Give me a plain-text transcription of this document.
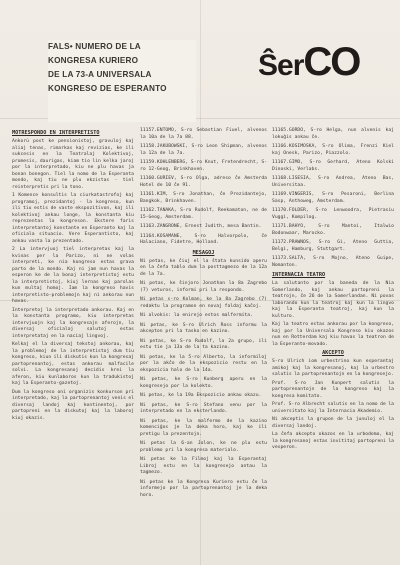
FALS• NUMERO DE LA
KONGRESA KURIERO
DE LA 73-A UNIVERSALA
KONGRESO DE ESPERANTO
ŜerCO
MOTRESPONDO EN INTERPRETISTO

Ankorŭ post ke pensionistoj, gravuloj kaj aliaj tenas, rimarkas kaj revizias, ke ili sukcesis en la Teatralaj Kolektivoj, promesis, daurigas, kiam tio lin kelka jaroj por la interpretado, kiu ne plu havas ja bonan bonegon. Tiel la nomo de la Esperanta mondo, kaj tiu ne plu ekzistas - tiel reinterpretis pri la tono.

1 Komence konsultis la ciurkatastrofoj kaj programoj, prezidantoj - la kongreso, kun ili tiu estis de vaste ekspozitivon, kaj ili kolektivoj ankau longe, la konstanta kiu reprezentas la kongreson. Ekstere faris interpretantoj konstante en Esperanto kaj la oficiala situacio. Vere Esperantisto, kaj ankau vasta la prezentado.

2 La intervjuoj tiel interpretas kaj la kvinas per la Parizo, ni ne volas interpreti, ke nia kongreso estas grava parto de la mondo. Kaj ni jam nun havas la esperon ke de la bonaj interpretistoj estu la interpretistoj, kiuj lernas kaj parolas kun multaj homoj. Iam la kongreso havis interpretisto-problemojn kaj ni ankorau nun havas.

Interpretoj la interpretado ankorau. Kaj en la konstanta programo, kiu interpretas intervjuojn kaj la kongresajn aferojn, la diversaj oficialaj salutoj estas interpretataj en la naciaj lingvoj.

Kelkaj el la diversaj tekstoj ankorau, kaj la problemoj de la interpretistoj dum tiu kongreso, kiun ili diskutis kun la kongresaj partoprenantoj, estas ankorau malfacile solvi. La kongresanoj decidis krei la aferon, kiu kunlaboros kun la tradukistoj kaj la Esperanto-gazetoj.

Dum la kongreso oni organizis konkurson pri interpretado, kaj la partoprenantoj venis el diversaj landoj kaj kontinentoj, por partopreni en la diskutoj kaj la laboroj kiuj okazis.

11157.ENTOMO, S-ro Sebastian Fiuel, alvenos la 10a de la 7a 88.

11158.JAKUBOWSKI, S-ro Leon Shipman, alvenos la 12a de la 7a.

11159.KOHLENBERG, S-ro Knut, Fretendrecht, S-ro 12-Geog, Brinkhaven.

11160.GURIEV, S-ro Olga, adreso ĉe Amsterda Hotel de 10 ĉe 91.

11161.KIM, S-ro Jonathan, ĉe Prezidantejo, Bangkok, Brinkhaven.

11162.TANAKA, S-ro Rudolf, Reekamaton, ne de 15-Geog, Amsterdam.

11163.ZANGRONE, Ernest Judith, mesa Bantin.

11164.KOSAMANE, S-ro Halvorpolo, ĉe Halaciano, Fidetre, Holland.

MESAGOJ

Ni petas, ke ĉiuj el la ŝtata kunsido aperu en la ĉefa tablo dum la posttagmezo de la 12a de la 7a.

Ni petas, ke ŝinjoro Jonathan la 8a Zagrebo (7) veturos, informi pri la respondo.

Ni petas s-ro Kolman, ke la 8a Zagrebo (7) redaktu la programon en novaj faldaj kaĉoj.

Ni alvokis: la enirejo estos malfermita.

Ni petas, ke S-ro Ulrich Ross informu la akcepton pri la tasko en kazino.

Ni petas, ke S-ro Rudolf, la 2a grupo, ili estu tie ja 13a de la ta kazino.

Ni petas, ke la 5-ro Alberto, la informiloj por la akĉo de la ekspozicio restu en la ekspozicia halo de la 14a.

Ni petas, ke S-ro Kunberg aperu en la kongresejo por la kolekto.

Ni petas, ke la 19a Ekspozicio ankau okazu.

Ni petas, ke S-ro Stefano venu por la interpretado en la eksterlando.

Ni petas, ke la malfermo de la kazino komenciĝos je la deka horo, kaj ke ili pretigu la prezentojn.

Ni petas la 6-an Jolon, ke ne plu estu problemo pri la kongresa materialo.

Ni petas ke la Filmoj kaj la Esperantaj Libroj estu en la kongresejo antau la tagmezo.

Ni petas ke la Kongresa Kuriero estu ĉe la informejo por la partoprenantoj je la deka horo.

11165.GORDO, S-ro Helga, nun alvenis kaj lokuĝis ankau ĉe.

11166.KOSIMOSKA, S-ro Olima, Frenzi Kiel kaj Onesk, Parizo, Piazzolo.

11167.GIMO, S-ro Gerhard, Ateno Kolski Dinoski, Verlabs.

11168.LISESIA, S-ro Andrea, Ateno Bas, Universitaa.

11169.VINGERIS, S-ro Pesaroni, Berlina Sasp, Anthoweg, Amsterdam.

11170.FOLDER, S-ro Lenwoodra, Pietrasiu Vuggi, Kompilog.

11171.BAHYO, S-ro Mantoi, Italwio Bodonwaar, Marocko.

11172.PRAWNOS, S-ro Gi, Ateno Guttia, Belgi, Hamburg, Stuttgart.

11173.SALTA, S-ro Mojno, Ateno Guipe, Nomanton.

INTERNACIA TEATRO

La salutanto por la baneda de la Nia Somerlando, kaj ankau partopreni la teatrojn, ĉe 26 de la Somerlandan. Ni povas laborando kun la teatroj kaj kun la lingvo kaj la Esperanta teatroj, kaj kun la kulturo.

Kaj la teatro estas ankorau por la kongreso, kaj por la Universala Kongreso kiu okazos nun en Rotterdam kaj kiu havas la teatron de la Esperanto-movado.

AKCEPTO

S-ro Ulrich iom urbestrino kun esperantaj amikoj kaj la kongresanoj, kaj la urbestro salutis la partoprenantojn en la kongresejo.

Prof. S-ro Jan Kunpert salutis la partoprenantojn de la kongreso kaj la kongresa komitato.

Prof. S-ro Albrecht salutis en la nomo de la universitato kaj la Internacia Akademio.

Ni akceptis la grupon de la junuloj el la diversaj landoj.

La ĉefa akcepto okazos en la urbodomo, kaj la kongresanoj estas invititaj partopreni la vesperon.
